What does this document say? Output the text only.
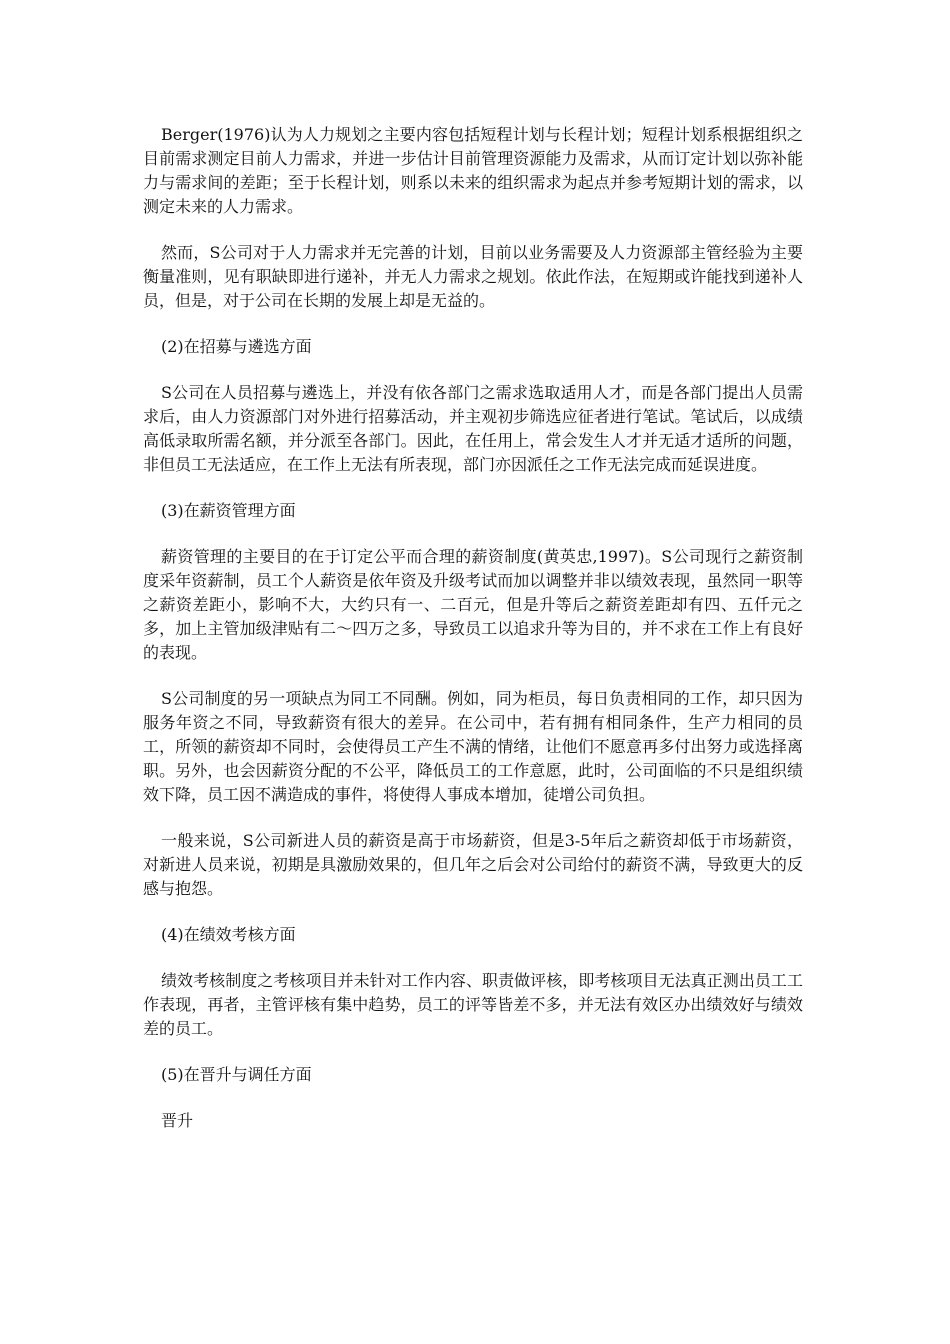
Berger(1976)认为人力规划之主要内容包括短程计划与长程计划；短程计划系根据组织之目前需求测定目前人力需求，并进一步估计目前管理资源能力及需求，从而订定计划以弥补能力与需求间的差距；至于长程计划，则系以未来的组织需求为起点并参考短期计划的需求，以测定未来的人力需求。

然而，S公司对于人力需求并无完善的计划，目前以业务需要及人力资源部主管经验为主要衡量准则，见有职缺即进行递补，并无人力需求之规划。依此作法，在短期或许能找到递补人员，但是，对于公司在长期的发展上却是无益的。

(2)在招募与遴选方面

S公司在人员招募与遴选上，并没有依各部门之需求选取适用人才，而是各部门提出人员需求后，由人力资源部门对外进行招募活动，并主观初步筛选应征者进行笔试。笔试后，以成绩高低录取所需名额，并分派至各部门。因此，在任用上，常会发生人才并无适才适所的问题，非但员工无法适应，在工作上无法有所表现，部门亦因派任之工作无法完成而延误进度。

(3)在薪资管理方面

薪资管理的主要目的在于订定公平而合理的薪资制度(黄英忠,1997)。S公司现行之薪资制度采年资薪制，员工个人薪资是依年资及升级考试而加以调整并非以绩效表现，虽然同一职等之薪资差距小，影响不大，大约只有一、二百元，但是升等后之薪资差距却有四、五仟元之多，加上主管加级津贴有二～四万之多，导致员工以追求升等为目的，并不求在工作上有良好的表现。

S公司制度的另一项缺点为同工不同酬。例如，同为柜员，每日负责相同的工作，却只因为服务年资之不同，导致薪资有很大的差异。在公司中，若有拥有相同条件，生产力相同的员工，所领的薪资却不同时，会使得员工产生不满的情绪，让他们不愿意再多付出努力或选择离职。另外，也会因薪资分配的不公平，降低员工的工作意愿，此时，公司面临的不只是组织绩效下降，员工因不满造成的事件，将使得人事成本增加，徒增公司负担。

一般来说，S公司新进人员的薪资是高于市场薪资，但是3-5年后之薪资却低于市场薪资，对新进人员来说，初期是具激励效果的，但几年之后会对公司给付的薪资不满，导致更大的反感与抱怨。

(4)在绩效考核方面

绩效考核制度之考核项目并未针对工作内容、职责做评核，即考核项目无法真正测出员工工作表现，再者，主管评核有集中趋势，员工的评等皆差不多，并无法有效区办出绩效好与绩效差的员工。

(5)在晋升与调任方面

晋升
